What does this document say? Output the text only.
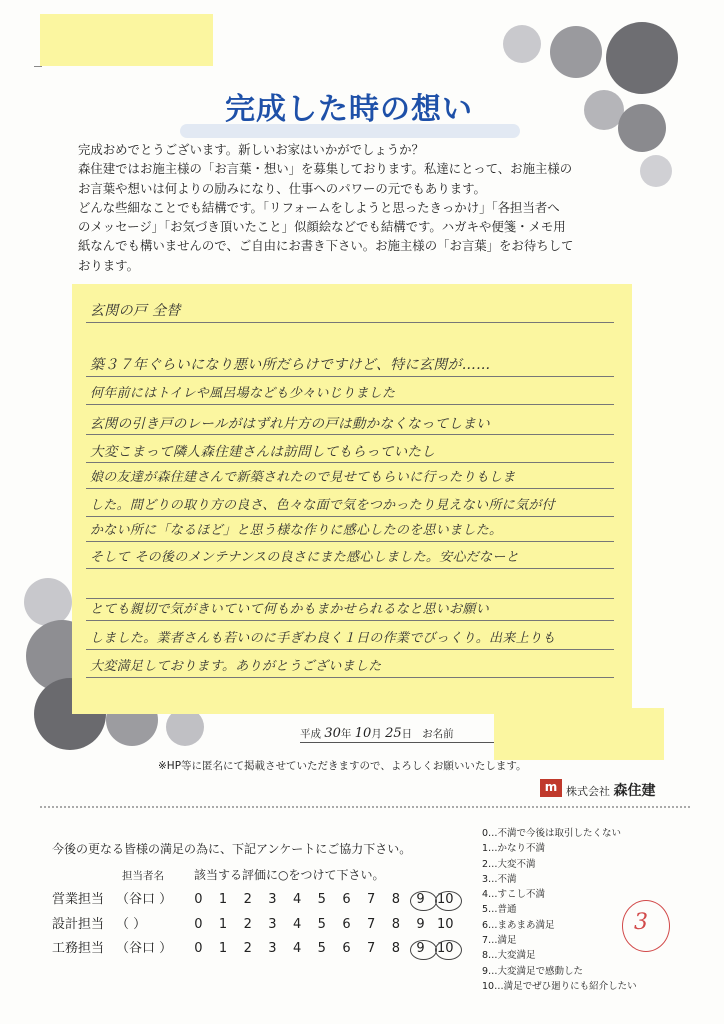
完成した時の想い
完成おめでとうございます。新しいお家はいかがでしょうか？
森住建ではお施主様の「お言葉・想い」を募集しております。私達にとって、お施主様の
お言葉や想いは何よりの励みになり、仕事へのパワーの元でもあります。
どんな些細なことでも結構です。「リフォームをしようと思ったきっかけ」「各担当者へ
のメッセージ」「お気づき頂いたこと」似顔絵などでも結構です。ハガキや便箋・メモ用
紙なんでも構いませんので、ご自由にお書き下さい。お施主様の「お言葉」をお待ちして
おります。
玄関の戸 全替
築３７年ぐらいになり悪い所だらけですけど、特に玄関が……
何年前にはトイレや風呂場なども少々いじりました
玄関の引き戸のレールがはずれ片方の戸は動かなくなってしまい
大変こまって隣人森住建さんは訪問してもらっていたし
娘の友達が森住建さんで新築されたので見せてもらいに行ったりもしま
した。間どりの取り方の良さ、色々な面で気をつかったり見えない所に気が付
かない所に「なるほど」と思う様な作りに感心したのを思いました。
そして その後のメンテナンスの良さにまた感心しました。安心だなーと
とても親切で気がきいていて何もかもまかせられるなと思いお願い
しました。業者さんも若いのに手ぎわ良く１日の作業でびっくり。出来上りも
大変満足しております。ありがとうございました
平成 30年 10月 25日 お名前
※HP等に匿名にて掲載させていただきますので、よろしくお願いいたします。
m 株式会社 森住建
今後の更なる皆様の満足の為に、下記アンケートにご協力下さい。
担当者名	該当する評価に○をつけて下さい。
営業担当 （谷口 ） 0 1 2 3 4 5 6 7 8 9 10
設計担当 （ ）	0 1 2 3 4 5 6 7 8 9 10
工務担当 （谷口 ） 0 1 2 3 4 5 6 7 8 9 10
0…不満で今後は取引したくない
1…かなり不満
2…大変不満
3…不満
4…すこし不満
5…普通
6…まあまあ満足
7…満足
8…大変満足
9…大変満足で感動した
10…満足でぜひ廻りにも紹介したい
3
